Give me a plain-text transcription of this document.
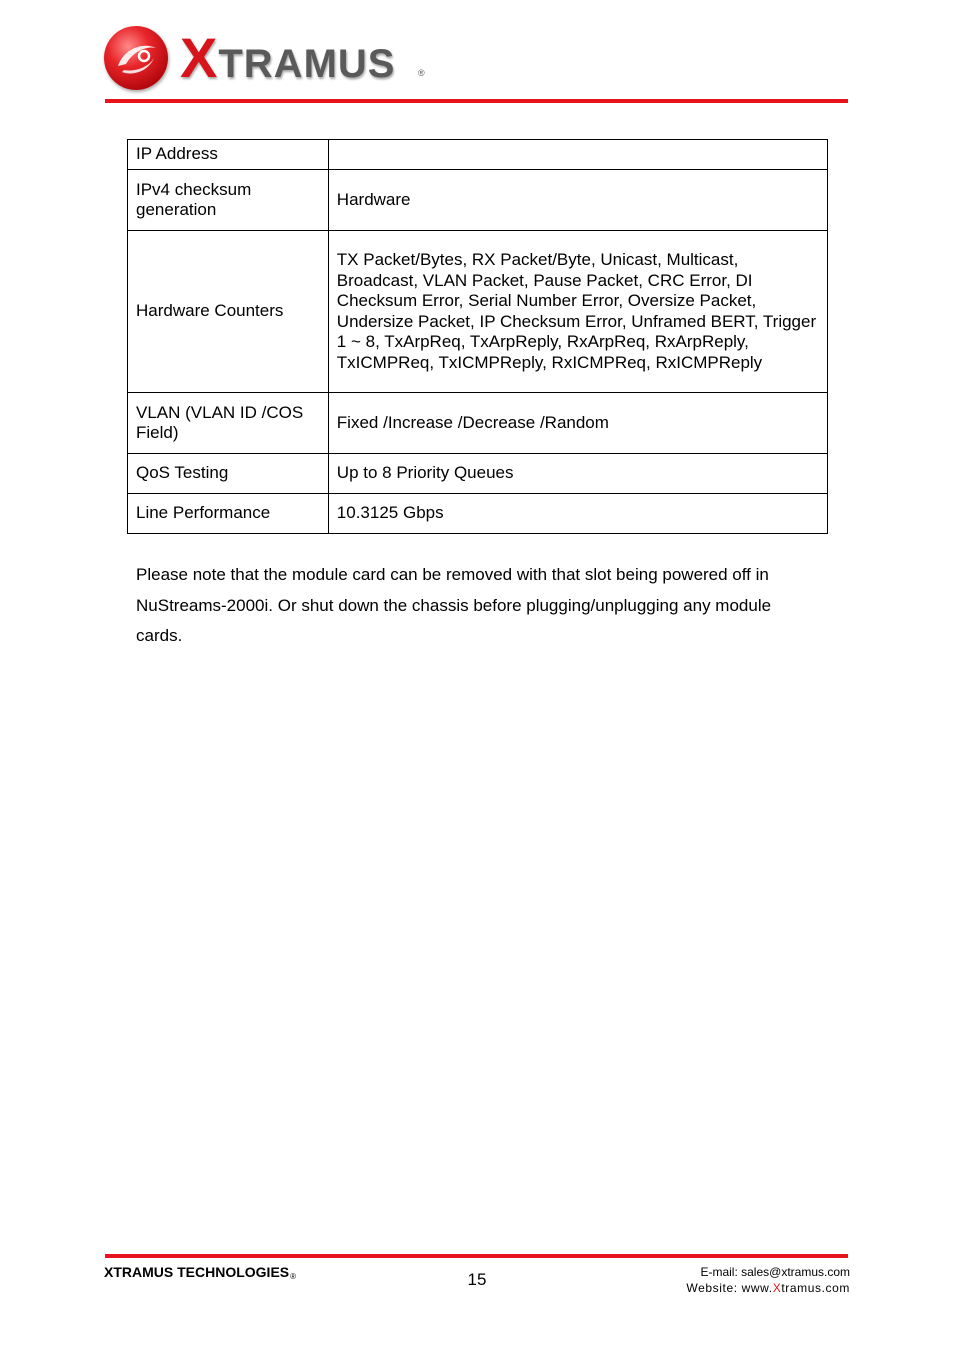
XTRAMUS	®
IP Address	
IPv4 checksum generation	Hardware
Hardware Counters	TX Packet/Bytes, RX Packet/Byte, Unicast, Multicast, Broadcast, VLAN Packet, Pause Packet, CRC Error, DI Checksum Error, Serial Number Error, Oversize Packet, Undersize Packet, IP Checksum Error, Unframed BERT, Trigger 1 ~ 8, TxArpReq, TxArpReply, RxArpReq, RxArpReply, TxICMPReq, TxICMPReply, RxICMPReq, RxICMPReply
VLAN (VLAN ID /COS Field)	Fixed /Increase /Decrease /Random
QoS Testing	Up to 8 Priority Queues
Line Performance	10.3125 Gbps

Please note that the module card can be removed with that slot being powered off in NuStreams-2000i. Or shut down the chassis before plugging/unplugging any module cards.

XTRAMUS TECHNOLOGIES®	15	E-mail: sales@xtramus.com
Website: www.Xtramus.com
